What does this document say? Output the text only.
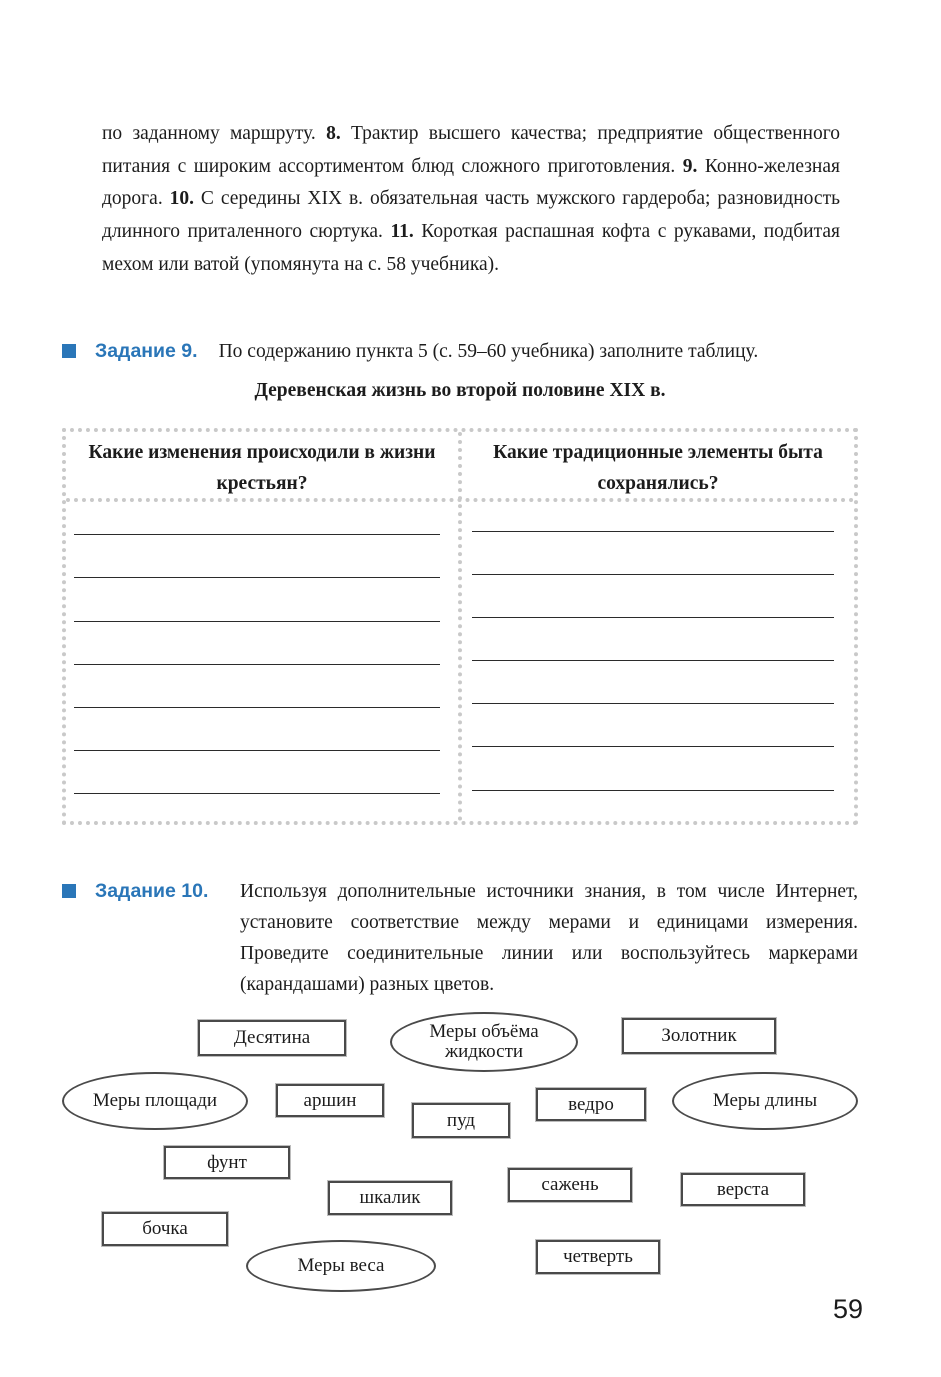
по заданному маршруту. 8. Трактир высшего качества; предприятие общественного питания с широким ассортиментом блюд сложного приготовления. 9. Конно-железная дорога. 10. С середины XIX в. обязательная часть мужского гардероба; разновидность длинного приталенного сюртука. 11. Короткая распашная кофта с рукавами, подбитая мехом или ватой (упомянута на с. 58 учебника).

Задание 9. По содержанию пункта 5 (с. 59–60 учебника) заполните таблицу.
Деревенская жизнь во второй половине XIX в.
Какие изменения происходили в жизни крестьян?
Какие традиционные элементы быта сохранялись?
Задание 10. Используя дополнительные источники знания, в том числе Интернет, установите соответствие между мерами и единицами измерения. Проведите соединительные линии или воспользуйтесь маркерами (карандашами) разных цветов.
Меры объёма жидкости
Меры площади	Меры длины
Меры веса
Десятина	Золотник
аршин
пуд
ведро
фунт
шкалик
сажень	верста
бочка
четверть
59
